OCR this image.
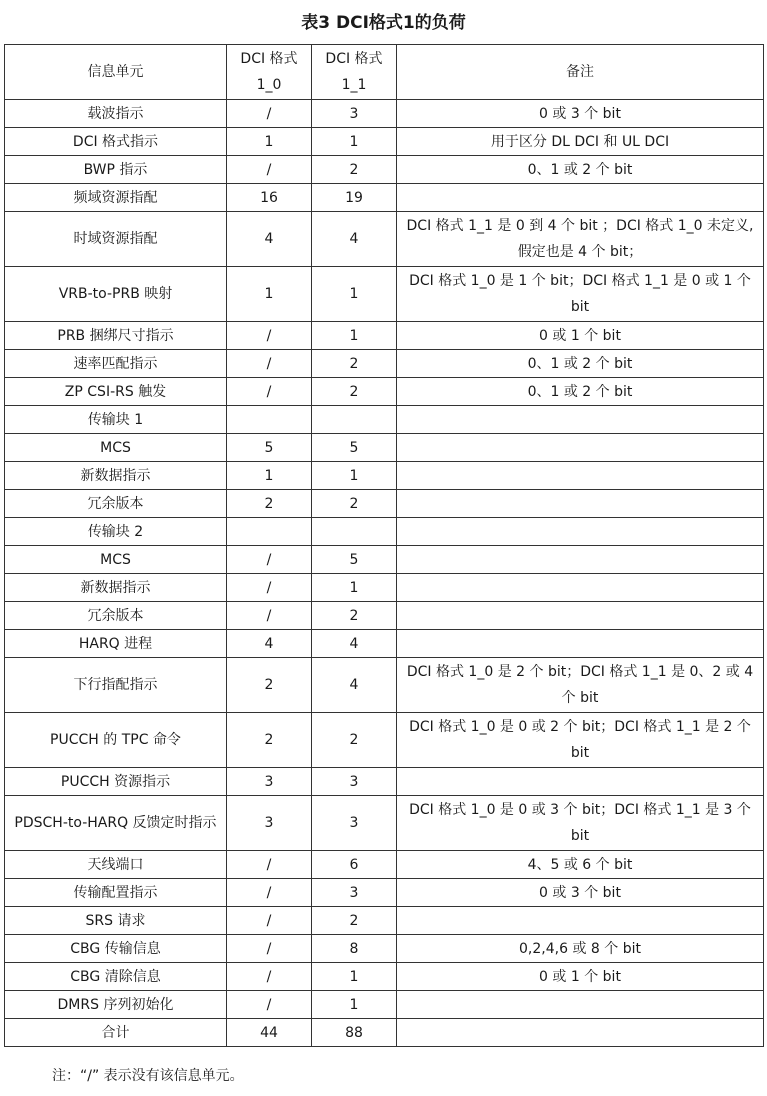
表3 DCI格式1的负荷
信息单元	DCI 格式 1_0	DCI 格式 1_1	备注
载波指示	/	3	0 或 3 个 bit
DCI 格式指示	1	1	用于区分 DL DCI 和 UL DCI
BWP 指示	/	2	0、1 或 2 个 bit
频域资源指配	16	19	
时域资源指配	4	4	DCI 格式 1_1 是 0 到 4 个 bit ；DCI 格式 1_0 未定义,假定也是 4 个 bit；
VRB-to-PRB 映射	1	1	DCI 格式 1_0 是 1 个 bit；DCI 格式 1_1 是 0 或 1 个 bit
PRB 捆绑尺寸指示	/	1	0 或 1 个 bit
速率匹配指示	/	2	0、1 或 2 个 bit
ZP CSI-RS 触发	/	2	0、1 或 2 个 bit
传输块 1			
MCS	5	5	
新数据指示	1	1	
冗余版本	2	2	
传输块 2			
MCS	/	5	
新数据指示	/	1	
冗余版本	/	2	
HARQ 进程	4	4	
下行指配指示	2	4	DCI 格式 1_0 是 2 个 bit；DCI 格式 1_1 是 0、2 或 4 个 bit
PUCCH 的 TPC 命令	2	2	DCI 格式 1_0 是 0 或 2 个 bit；DCI 格式 1_1 是 2 个 bit
PUCCH 资源指示	3	3	
PDSCH-to-HARQ 反馈定时指示	3	3	DCI 格式 1_0 是 0 或 3 个 bit；DCI 格式 1_1 是 3 个 bit
天线端口	/	6	4、5 或 6 个 bit
传输配置指示	/	3	0 或 3 个 bit
SRS 请求	/	2	
CBG 传输信息	/	8	0,2,4,6 或 8 个 bit
CBG 清除信息	/	1	0 或 1 个 bit
DMRS 序列初始化	/	1	
合计	44	88	
注：“/” 表示没有该信息单元。
